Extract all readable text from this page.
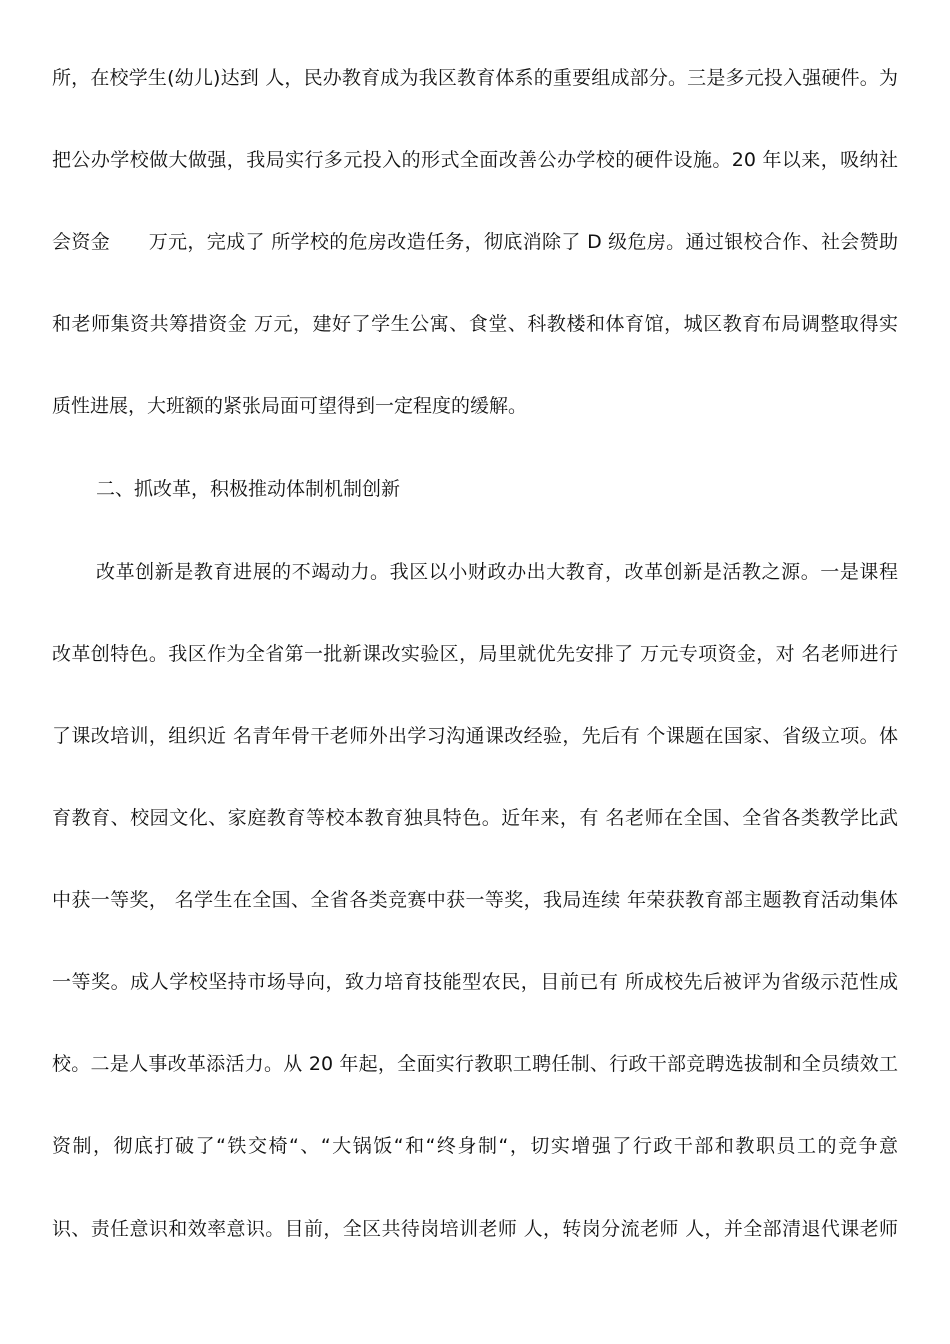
所，在校学生(幼儿)达到 人，民办教育成为我区教育体系的重要组成部分。三是多元投入强硬件。为
把公办学校做大做强，我局实行多元投入的形式全面改善公办学校的硬件设施。20 年以来，吸纳社
会资金　　万元，完成了 所学校的危房改造任务，彻底消除了 D 级危房。通过银校合作、社会赞助
和老师集资共筹措资金 万元，建好了学生公寓、食堂、科教楼和体育馆，城区教育布局调整取得实
质性进展，大班额的紧张局面可望得到一定程度的缓解。
二、抓改革，积极推动体制机制创新
改革创新是教育进展的不竭动力。我区以小财政办出大教育，改革创新是活教之源。一是课程
改革创特色。我区作为全省第一批新课改实验区，局里就优先安排了 万元专项资金，对 名老师进行
了课改培训，组织近 名青年骨干老师外出学习沟通课改经验，先后有 个课题在国家、省级立项。体
育教育、校园文化、家庭教育等校本教育独具特色。近年来，有 名老师在全国、全省各类教学比武
中获一等奖， 名学生在全国、全省各类竞赛中获一等奖，我局连续 年荣获教育部主题教育活动集体
一等奖。成人学校坚持市场导向，致力培育技能型农民，目前已有 所成校先后被评为省级示范性成
校。二是人事改革添活力。从 20 年起，全面实行教职工聘任制、行政干部竞聘选拔制和全员绩效工
资制，彻底打破了“铁交椅“、“大锅饭“和“终身制“，切实增强了行政干部和教职员工的竞争意
识、责任意识和效率意识。目前，全区共待岗培训老师 人，转岗分流老师 人，并全部清退代课老师
